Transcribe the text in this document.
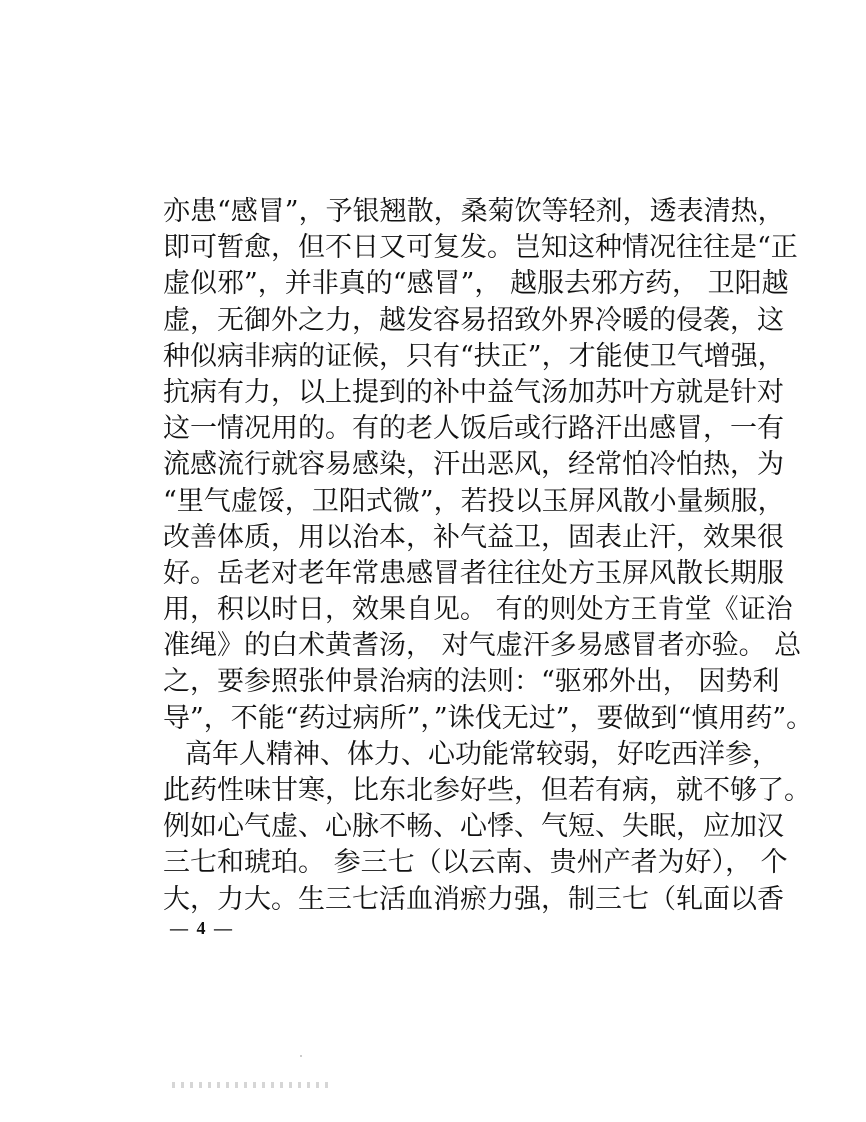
亦患“感冒”，予银翘散，桑菊饮等轻剂，透表清热，
即可暂愈，但不日又可复发。岂知这种情况往往是“正
虚似邪”，并非真的“感冒”， 越服去邪方药， 卫阳越
虚，无御外之力，越发容易招致外界冷暖的侵袭，这
种似病非病的证候，只有“扶正”，才能使卫气增强，
抗病有力，以上提到的补中益气汤加苏叶方就是针对
这一情况用的。有的老人饭后或行路汗出感冒，一有
流感流行就容易感染，汗出恶风，经常怕冷怕热，为
“里气虚馁，卫阳式微”，若投以玉屏风散小量频服，
改善体质，用以治本，补气益卫，固表止汗，效果很
好。岳老对老年常患感冒者往往处方玉屏风散长期服
用，积以时日，效果自见。 有的则处方王肯堂《证治
准绳》的白术黄耆汤， 对气虚汗多易感冒者亦验。 总
之，要参照张仲景治病的法则：“驱邪外出， 因势利
导”，不能“药过病所”，”诛伐无过”，要做到“慎用药”。
高年人精神、体力、心功能常较弱，好吃西洋参，
此药性味甘寒，比东北参好些，但若有病，就不够了。
例如心气虚、心脉不畅、心悸、气短、失眠，应加汉
三七和琥珀。 参三七（以云南、贵州产者为好）， 个
大，力大。生三七活血消瘀力强，制三七（轧面以香
— 4 —
